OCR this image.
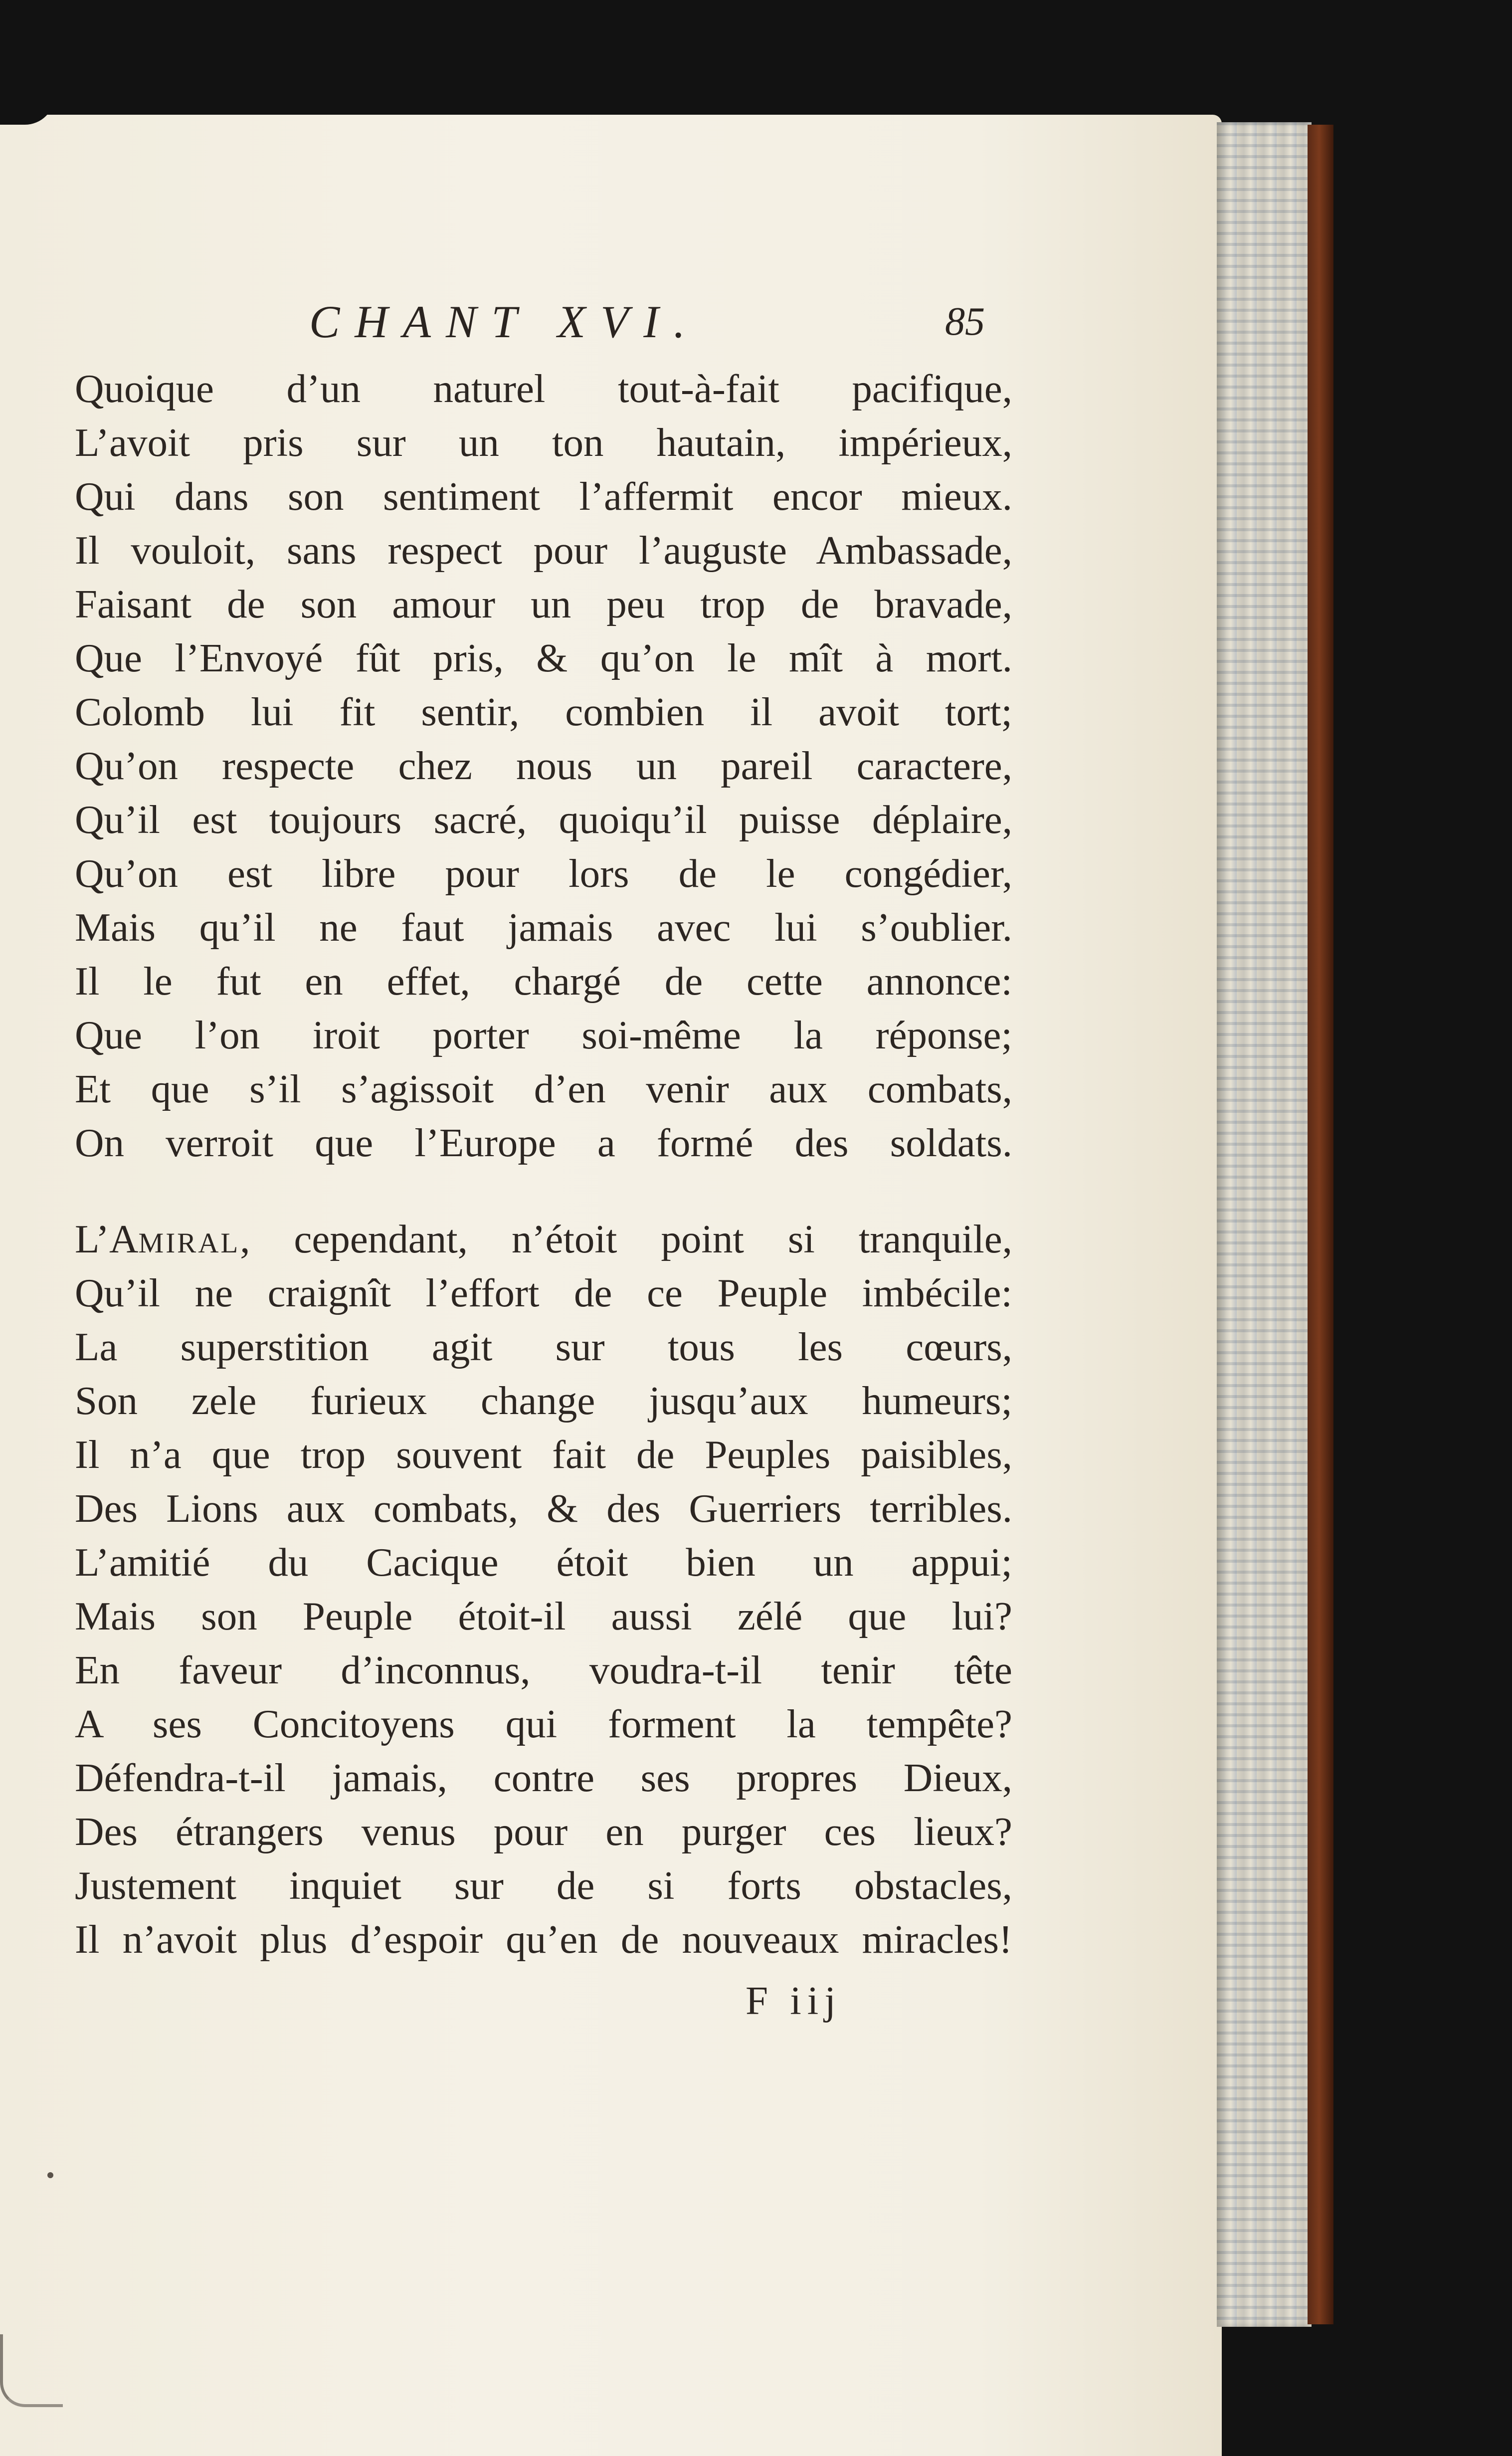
CHANT XVI.	85
Quoique d’un naturel tout-à-fait pacifique,
L’avoit pris sur un ton hautain, impérieux,
Qui dans son sentiment l’affermit encor mieux.
Il vouloit, sans respect pour l’auguste Ambassade,
Faisant de son amour un peu trop de bravade,
Que l’Envoyé fût pris, & qu’on le mît à mort.
Colomb lui fit sentir, combien il avoit tort;
Qu’on respecte chez nous un pareil caractere,
Qu’il est toujours sacré, quoiqu’il puisse déplaire,
Qu’on est libre pour lors de le congédier,
Mais qu’il ne faut jamais avec lui s’oublier.
Il le fut en effet, chargé de cette annonce:
Que l’on iroit porter soi-même la réponse;
Et que s’il s’agissoit d’en venir aux combats,
On verroit que l’Europe a formé des soldats.
L’Amiral, cependant, n’étoit point si tranquile,
Qu’il ne craignît l’effort de ce Peuple imbécile:
La superstition agit sur tous les cœurs,
Son zele furieux change jusqu’aux humeurs;
Il n’a que trop souvent fait de Peuples paisibles,
Des Lions aux combats, & des Guerriers terribles.
L’amitié du Cacique étoit bien un appui;
Mais son Peuple étoit-il aussi zélé que lui?
En faveur d’inconnus, voudra-t-il tenir tête
A ses Concitoyens qui forment la tempête?
Défendra-t-il jamais, contre ses propres Dieux,
Des étrangers venus pour en purger ces lieux?
Justement inquiet sur de si forts obstacles,
Il n’avoit plus d’espoir qu’en de nouveaux miracles!
F iij
